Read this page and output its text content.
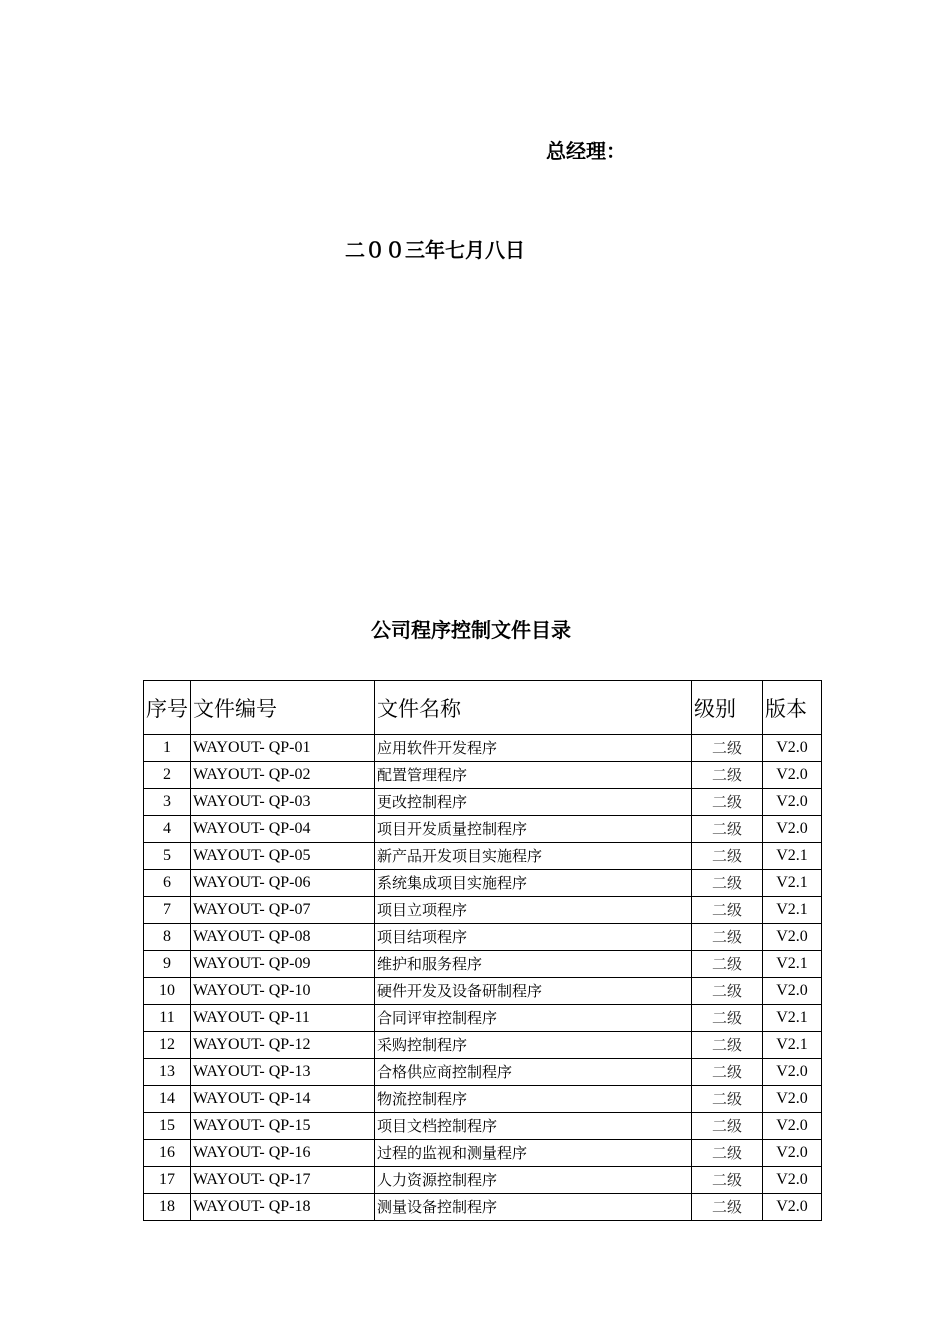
总经理：
二００三年七月八日
公司程序控制文件目录
序号	文件编号	文件名称	级别	版本
1	WAYOUT- QP-01	应用软件开发程序	二级	V2.0
2	WAYOUT- QP-02	配置管理程序	二级	V2.0
3	WAYOUT- QP-03	更改控制程序	二级	V2.0
4	WAYOUT- QP-04	项目开发质量控制程序	二级	V2.0
5	WAYOUT- QP-05	新产品开发项目实施程序	二级	V2.1
6	WAYOUT- QP-06	系统集成项目实施程序	二级	V2.1
7	WAYOUT- QP-07	项目立项程序	二级	V2.1
8	WAYOUT- QP-08	项目结项程序	二级	V2.0
9	WAYOUT- QP-09	维护和服务程序	二级	V2.1
10	WAYOUT- QP-10	硬件开发及设备研制程序	二级	V2.0
11	WAYOUT- QP-11	合同评审控制程序	二级	V2.1
12	WAYOUT- QP-12	采购控制程序	二级	V2.1
13	WAYOUT- QP-13	合格供应商控制程序	二级	V2.0
14	WAYOUT- QP-14	物流控制程序	二级	V2.0
15	WAYOUT- QP-15	项目文档控制程序	二级	V2.0
16	WAYOUT- QP-16	过程的监视和测量程序	二级	V2.0
17	WAYOUT- QP-17	人力资源控制程序	二级	V2.0
18	WAYOUT- QP-18	测量设备控制程序	二级	V2.0
